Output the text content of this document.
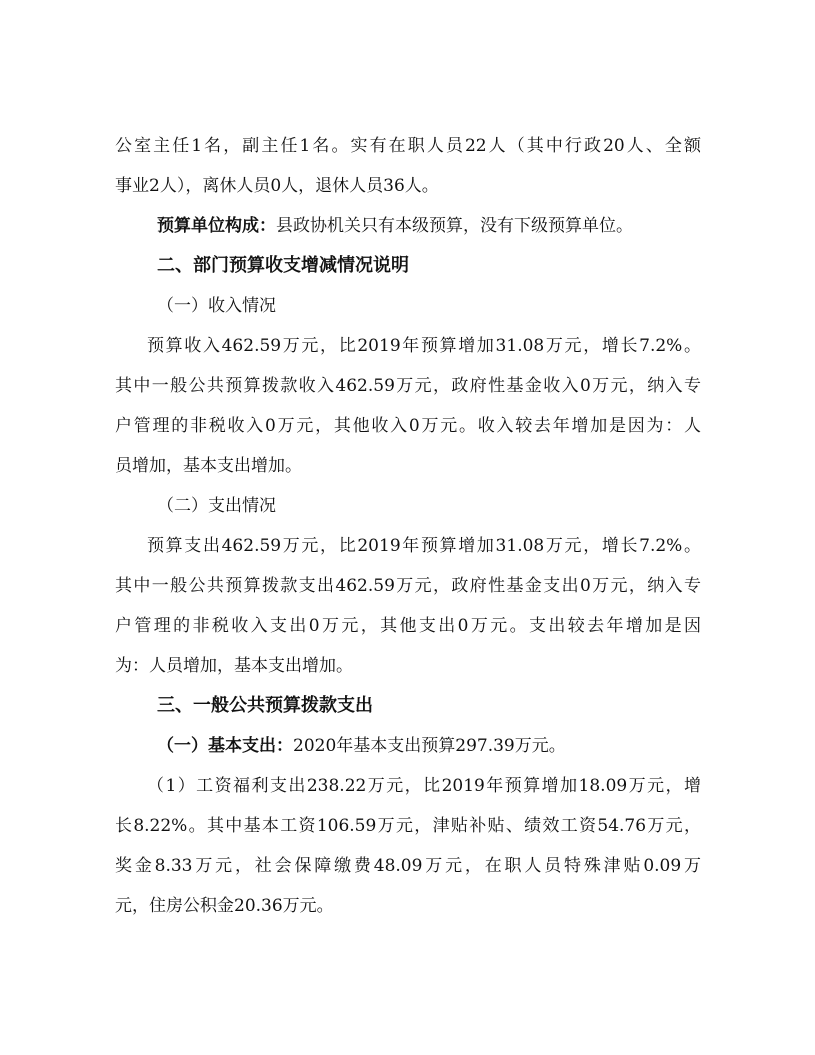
公室主任1名，副主任1名。实有在职人员22人（其中行政20人、全额
事业2人），离休人员0人，退休人员36人。
预算单位构成：县政协机关只有本级预算，没有下级预算单位。
二、部门预算收支增减情况说明
（一）收入情况
预算收入462.59万元，比2019年预算增加31.08万元，增长7.2%。
其中一般公共预算拨款收入462.59万元，政府性基金收入0万元，纳入专
户管理的非税收入0万元，其他收入0万元。收入较去年增加是因为：人
员增加，基本支出增加。
（二）支出情况
预算支出462.59万元，比2019年预算增加31.08万元，增长7.2%。
其中一般公共预算拨款支出462.59万元，政府性基金支出0万元，纳入专
户管理的非税收入支出0万元，其他支出0万元。支出较去年增加是因
为：人员增加，基本支出增加。
三、一般公共预算拨款支出
（一）基本支出：2020年基本支出预算297.39万元。
（1）工资福利支出238.22万元，比2019年预算增加18.09万元，增
长8.22%。其中基本工资106.59万元，津贴补贴、绩效工资54.76万元，
奖金8.33万元，社会保障缴费48.09万元，在职人员特殊津贴0.09万
元，住房公积金20.36万元。
